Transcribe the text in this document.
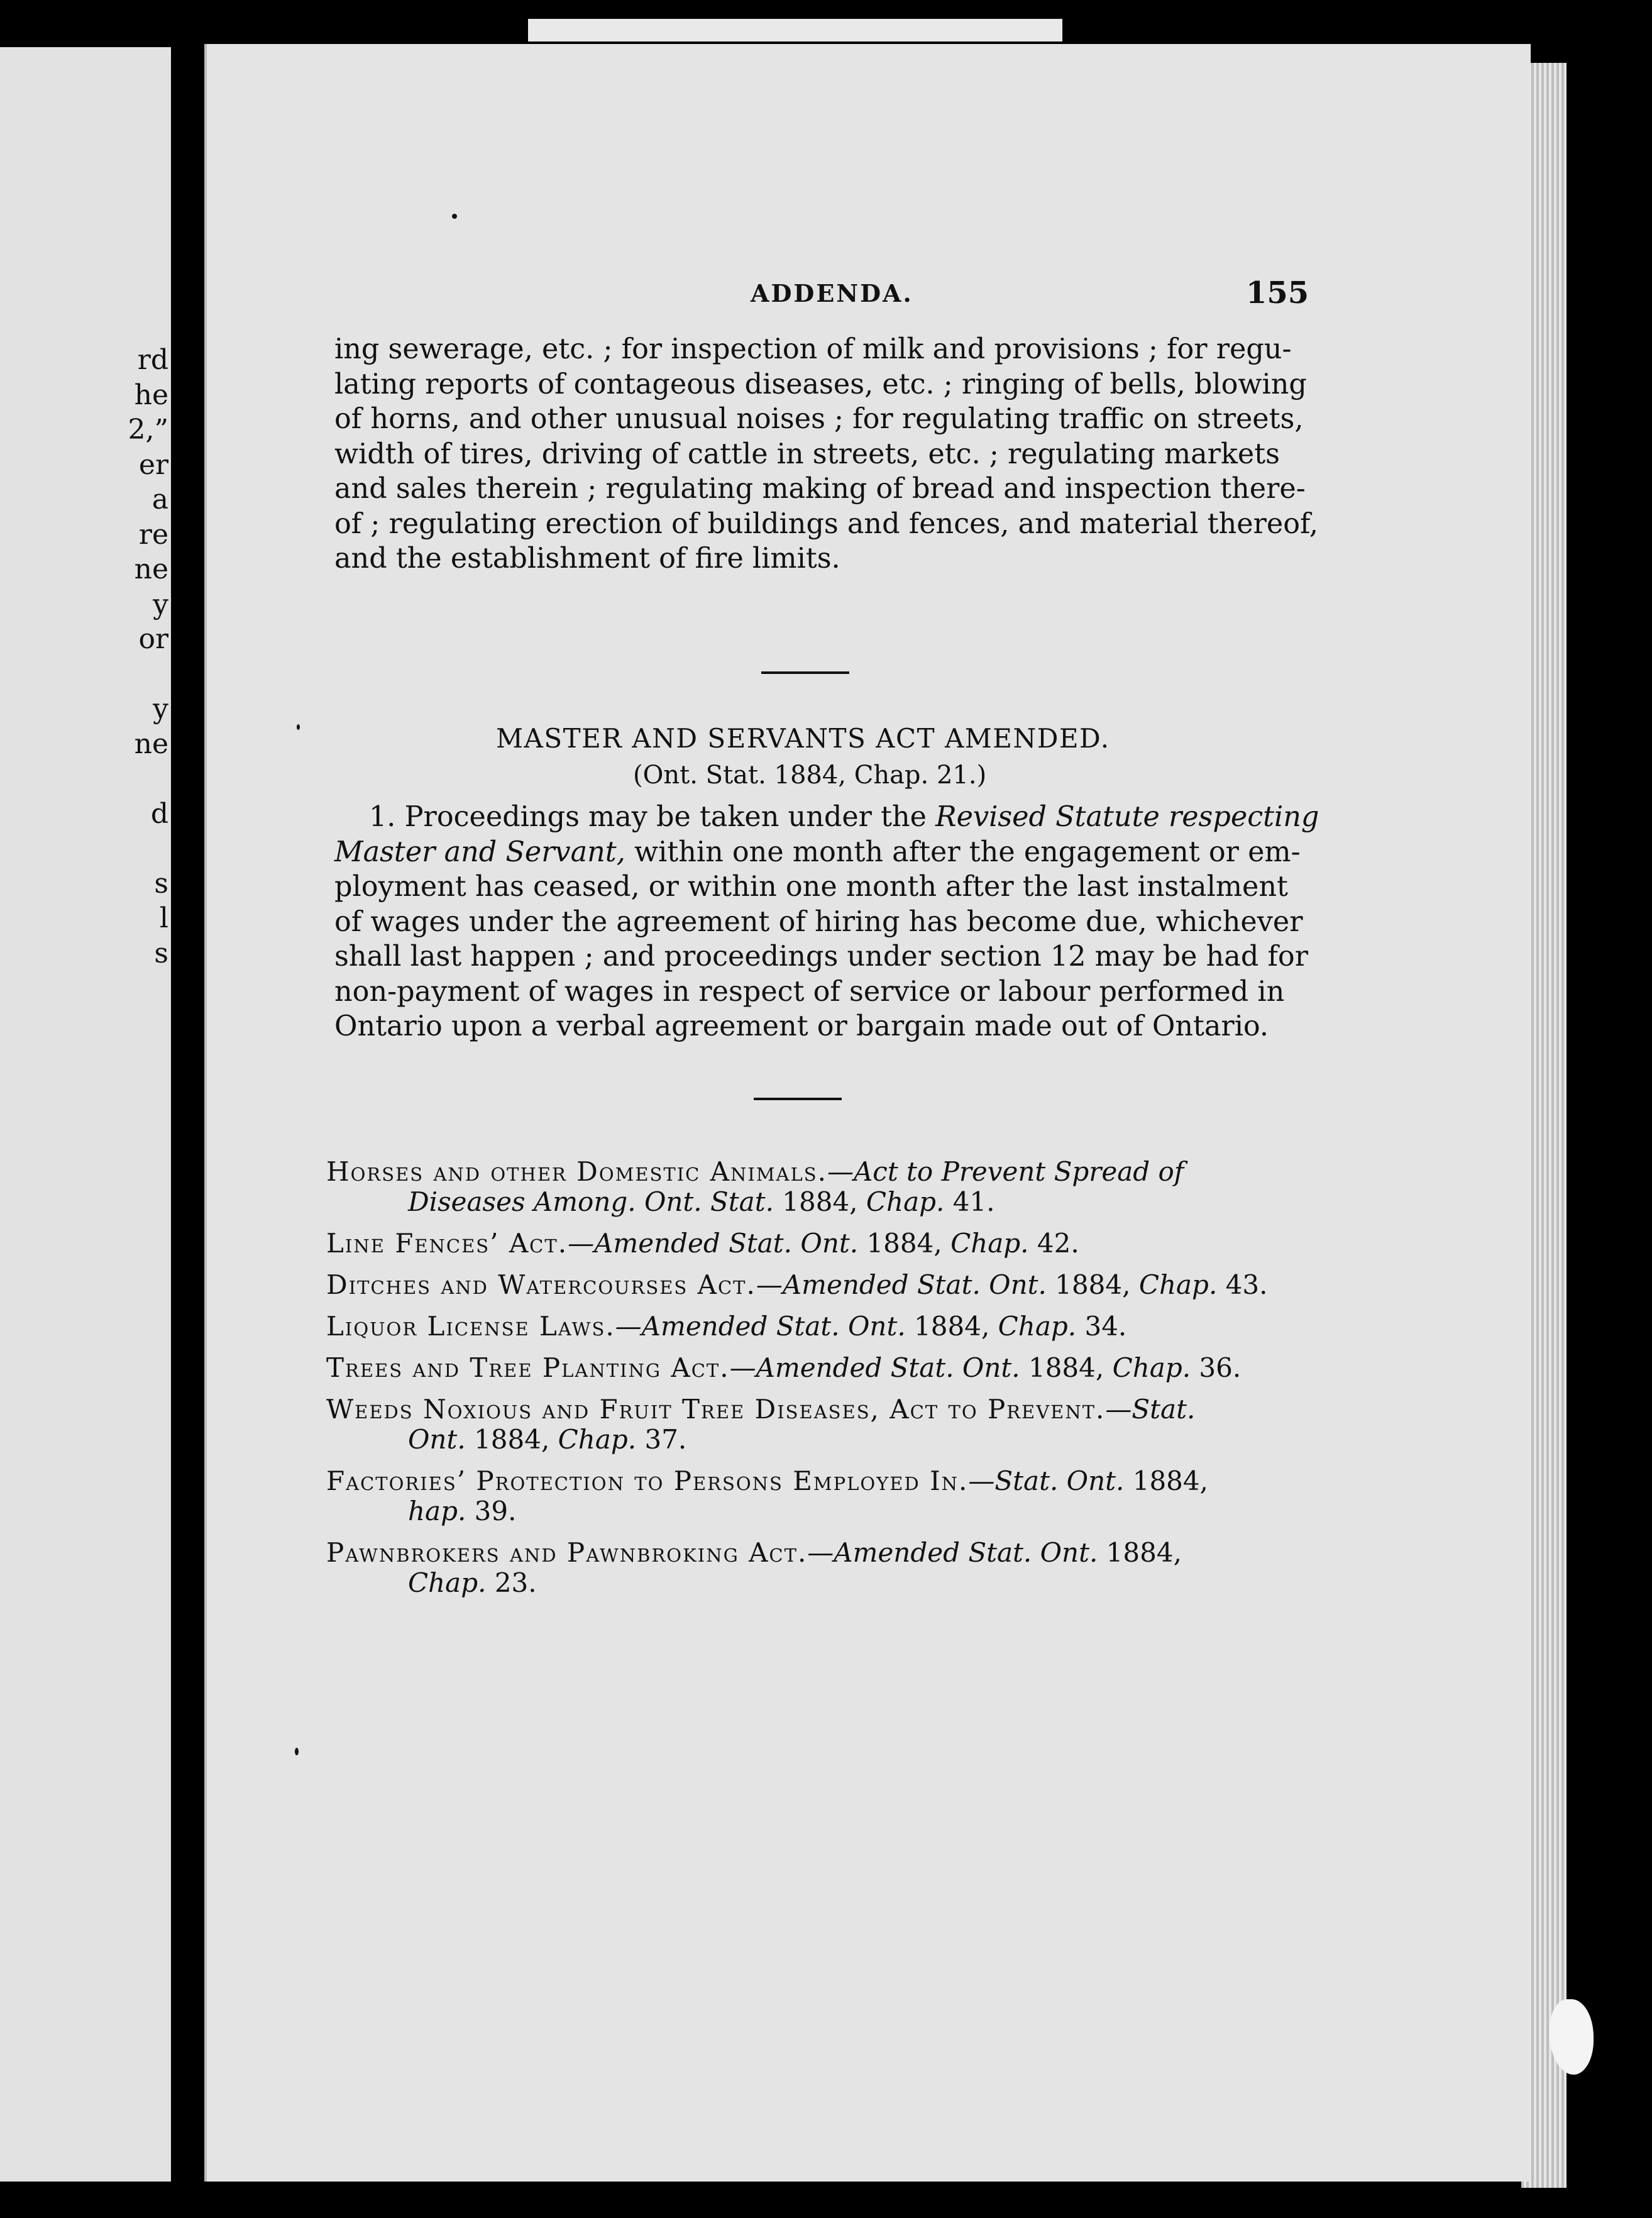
rd
he
2,”
er
a
re
ne
y
or
y
ne
d
s
l
s
ADDENDA.	155
ing sewerage, etc. ; for inspection of milk and provisions ; for regu-
lating reports of contageous diseases, etc. ; ringing of bells, blowing
of horns, and other unusual noises ; for regulating traffic on streets,
width of tires, driving of cattle in streets, etc. ; regulating markets
and sales therein ; regulating making of bread and inspection there-
of ; regulating erection of buildings and fences, and material thereof,
and the establishment of fire limits.
MASTER AND SERVANTS ACT AMENDED.
(Ont. Stat. 1884, Chap. 21.)
1. Proceedings may be taken under the Revised Statute respecting
Master and Servant, within one month after the engagement or em-
ployment has ceased, or within one month after the last instalment
of wages under the agreement of hiring has become due, whichever
shall last happen ; and proceedings under section 12 may be had for
non-payment of wages in respect of service or labour performed in
Ontario upon a verbal agreement or bargain made out of Ontario.
Horses and other Domestic Animals.—Act to Prevent Spread of
Diseases Among. Ont. Stat. 1884, Chap. 41.
Line Fences’ Act.—Amended Stat. Ont. 1884, Chap. 42.
Ditches and Watercourses Act.—Amended Stat. Ont. 1884, Chap. 43.
Liquor License Laws.—Amended Stat. Ont. 1884, Chap. 34.
Trees and Tree Planting Act.—Amended Stat. Ont. 1884, Chap. 36.
Weeds Noxious and Fruit Tree Diseases, Act to Prevent.—Stat.
Ont. 1884, Chap. 37.
Factories’ Protection to Persons Employed In.—Stat. Ont. 1884,
hap. 39.
Pawnbrokers and Pawnbroking Act.—Amended Stat. Ont. 1884,
Chap. 23.
